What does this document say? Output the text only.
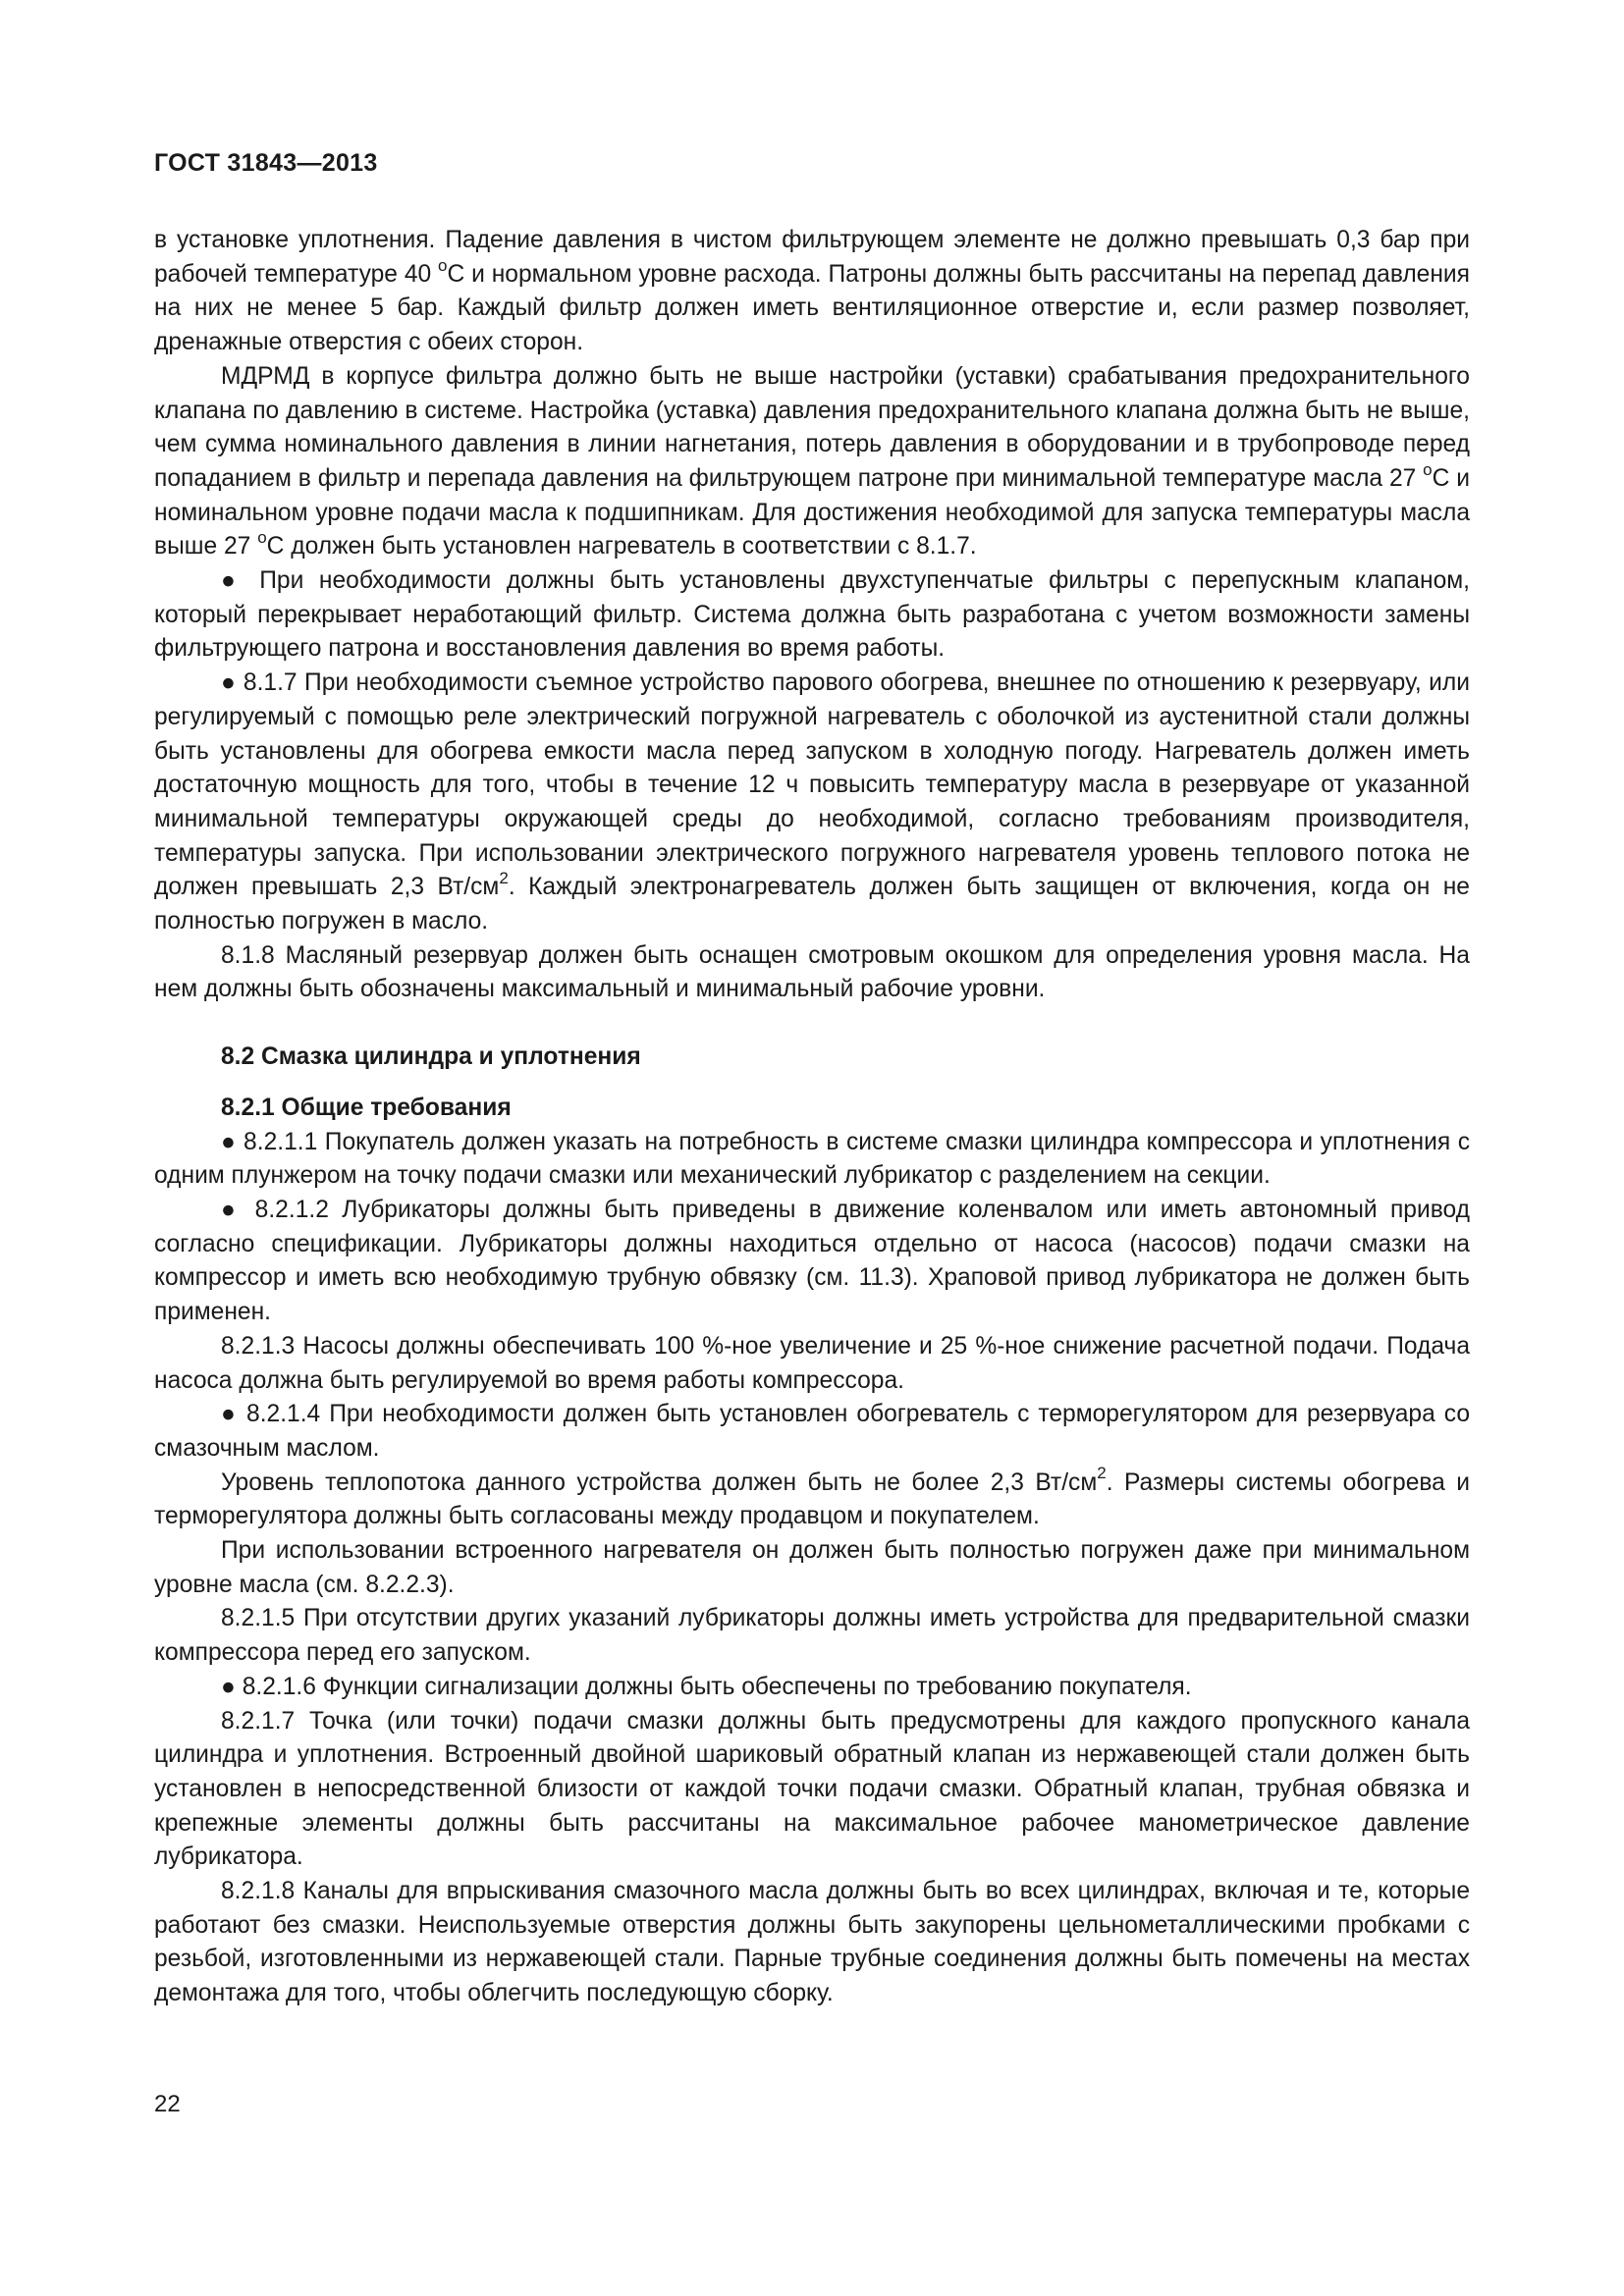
ГОСТ 31843—2013

в установке уплотнения. Падение давления в чистом фильтрующем элементе не должно превышать 0,3 бар при рабочей температуре 40 $^о$С и нормальном уровне расхода. Патроны должны быть рассчитаны на перепад давления на них не менее 5 бар. Каждый фильтр должен иметь вентиляционное отверстие и, если размер позволяет, дренажные отверстия с обеих сторон.

МДРМД в корпусе фильтра должно быть не выше настройки (уставки) срабатывания предохранительного клапана по давлению в системе. Настройка (уставка) давления предохранительного клапана должна быть не выше, чем сумма номинального давления в линии нагнетания, потерь давления в оборудовании и в трубопроводе перед попаданием в фильтр и перепада давления на фильтрующем патроне при минимальной температуре масла 27 $^о$С и номинальном уровне подачи масла к подшипникам. Для достижения необходимой для запуска температуры масла выше 27 $^о$С должен быть установлен нагреватель в соответствии с 8.1.7.

● При необходимости должны быть установлены двухступенчатые фильтры с перепускным клапаном, который перекрывает неработающий фильтр. Система должна быть разработана с учетом возможности замены фильтрующего патрона и восстановления давления во время работы.

● 8.1.7 При необходимости съемное устройство парового обогрева, внешнее по отношению к резервуару, или регулируемый с помощью реле электрический погружной нагреватель с оболочкой из аустенитной стали должны быть установлены для обогрева емкости масла перед запуском в холодную погоду. Нагреватель должен иметь достаточную мощность для того, чтобы в течение 12 ч повысить температуру масла в резервуаре от указанной минимальной температуры окружающей среды до необходимой, согласно требованиям производителя, температуры запуска. При использовании электрического погружного нагревателя уровень теплового потока не должен превышать 2,3 $Вт/см^2$. Каждый электронагреватель должен быть защищен от включения, когда он не полностью погружен в масло.

8.1.8 Масляный резервуар должен быть оснащен смотровым окошком для определения уровня масла. На нем должны быть обозначены максимальный и минимальный рабочие уровни.

8.2 Смазка цилиндра и уплотнения
8.2.1 Общие требования

● 8.2.1.1 Покупатель должен указать на потребность в системе смазки цилиндра компрессора и уплотнения с одним плунжером на точку подачи смазки или механический лубрикатор с разделением на секции.

● 8.2.1.2 Лубрикаторы должны быть приведены в движение коленвалом или иметь автономный привод согласно спецификации. Лубрикаторы должны находиться отдельно от насоса (насосов) подачи смазки на компрессор и иметь всю необходимую трубную обвязку (см. 11.3). Храповой привод лубрикатора не должен быть применен.

8.2.1.3 Насосы должны обеспечивать 100 %-ное увеличение и 25 %-ное снижение расчетной подачи. Подача насоса должна быть регулируемой во время работы компрессора.

● 8.2.1.4 При необходимости должен быть установлен обогреватель с терморегулятором для резервуара со смазочным маслом.

Уровень теплопотока данного устройства должен быть не более 2,3 $Вт/см^2$. Размеры системы обогрева и терморегулятора должны быть согласованы между продавцом и покупателем.

При использовании встроенного нагревателя он должен быть полностью погружен даже при минимальном уровне масла (см. 8.2.2.3).

8.2.1.5 При отсутствии других указаний лубрикаторы должны иметь устройства для предварительной смазки компрессора перед его запуском.

● 8.2.1.6 Функции сигнализации должны быть обеспечены по требованию покупателя.

8.2.1.7 Точка (или точки) подачи смазки должны быть предусмотрены для каждого пропускного канала цилиндра и уплотнения. Встроенный двойной шариковый обратный клапан из нержавеющей стали должен быть установлен в непосредственной близости от каждой точки подачи смазки. Обратный клапан, трубная обвязка и крепежные элементы должны быть рассчитаны на максимальное рабочее манометрическое давление лубрикатора.

8.2.1.8 Каналы для впрыскивания смазочного масла должны быть во всех цилиндрах, включая и те, которые работают без смазки. Неиспользуемые отверстия должны быть закупорены цельнометаллическими пробками с резьбой, изготовленными из нержавеющей стали. Парные трубные соединения должны быть помечены на местах демонтажа для того, чтобы облегчить последующую сборку.

22
